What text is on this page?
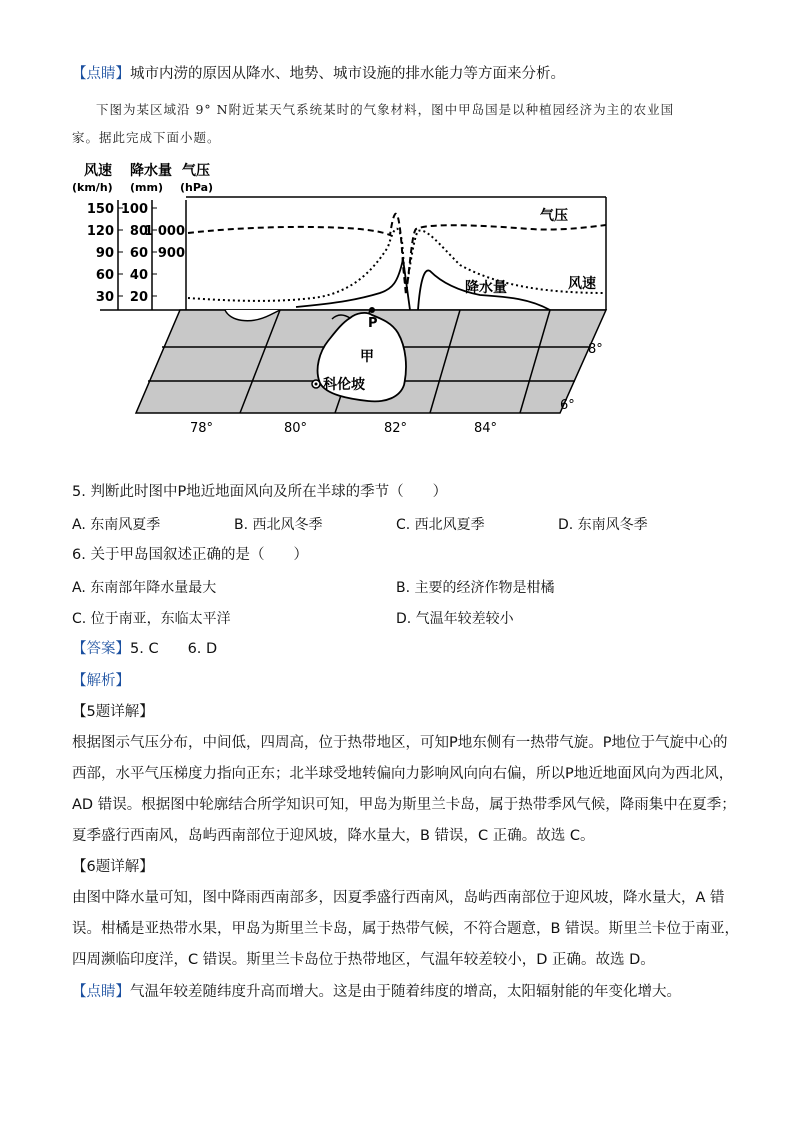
【点睛】城市内涝的原因从降水、地势、城市设施的排水能力等方面来分析。
下图为某区域沿 9° N附近某天气系统某时的气象材料，图中甲岛国是以种植园经济为主的农业国
家。据此完成下面小题。
风速 降水量 气压
(km/h) (mm) (hPa)
150
120
90
60
30
100
80
60
40
20
1 000
900
气压
风速
降水量
P
甲
科伦坡
8°
6°
78°	80°	82°	84°
5. 判断此时图中P地近地面风向及所在半球的季节（　　）
A. 东南风夏季	B. 西北风冬季	C. 西北风夏季	D. 东南风冬季
6. 关于甲岛国叙述正确的是（　　）
A. 东南部年降水量最大	B. 主要的经济作物是柑橘
C. 位于南亚，东临太平洋	D. 气温年较差较小
【答案】5. C　　6. D
【解析】
【5题详解】
根据图示气压分布，中间低，四周高，位于热带地区，可知P地东侧有一热带气旋。P地位于气旋中心的
西部，水平气压梯度力指向正东；北半球受地转偏向力影响风向向右偏，所以P地近地面风向为西北风，
AD 错误。根据图中轮廓结合所学知识可知，甲岛为斯里兰卡岛，属于热带季风气候，降雨集中在夏季；
夏季盛行西南风，岛屿西南部位于迎风坡，降水量大，B 错误，C 正确。故选 C。
【6题详解】
由图中降水量可知，图中降雨西南部多，因夏季盛行西南风，岛屿西南部位于迎风坡，降水量大，A 错
误。柑橘是亚热带水果，甲岛为斯里兰卡岛，属于热带气候，不符合题意，B 错误。斯里兰卡位于南亚，
四周濒临印度洋，C 错误。斯里兰卡岛位于热带地区，气温年较差较小，D 正确。故选 D。
【点睛】气温年较差随纬度升高而增大。这是由于随着纬度的增高，太阳辐射能的年变化增大。
